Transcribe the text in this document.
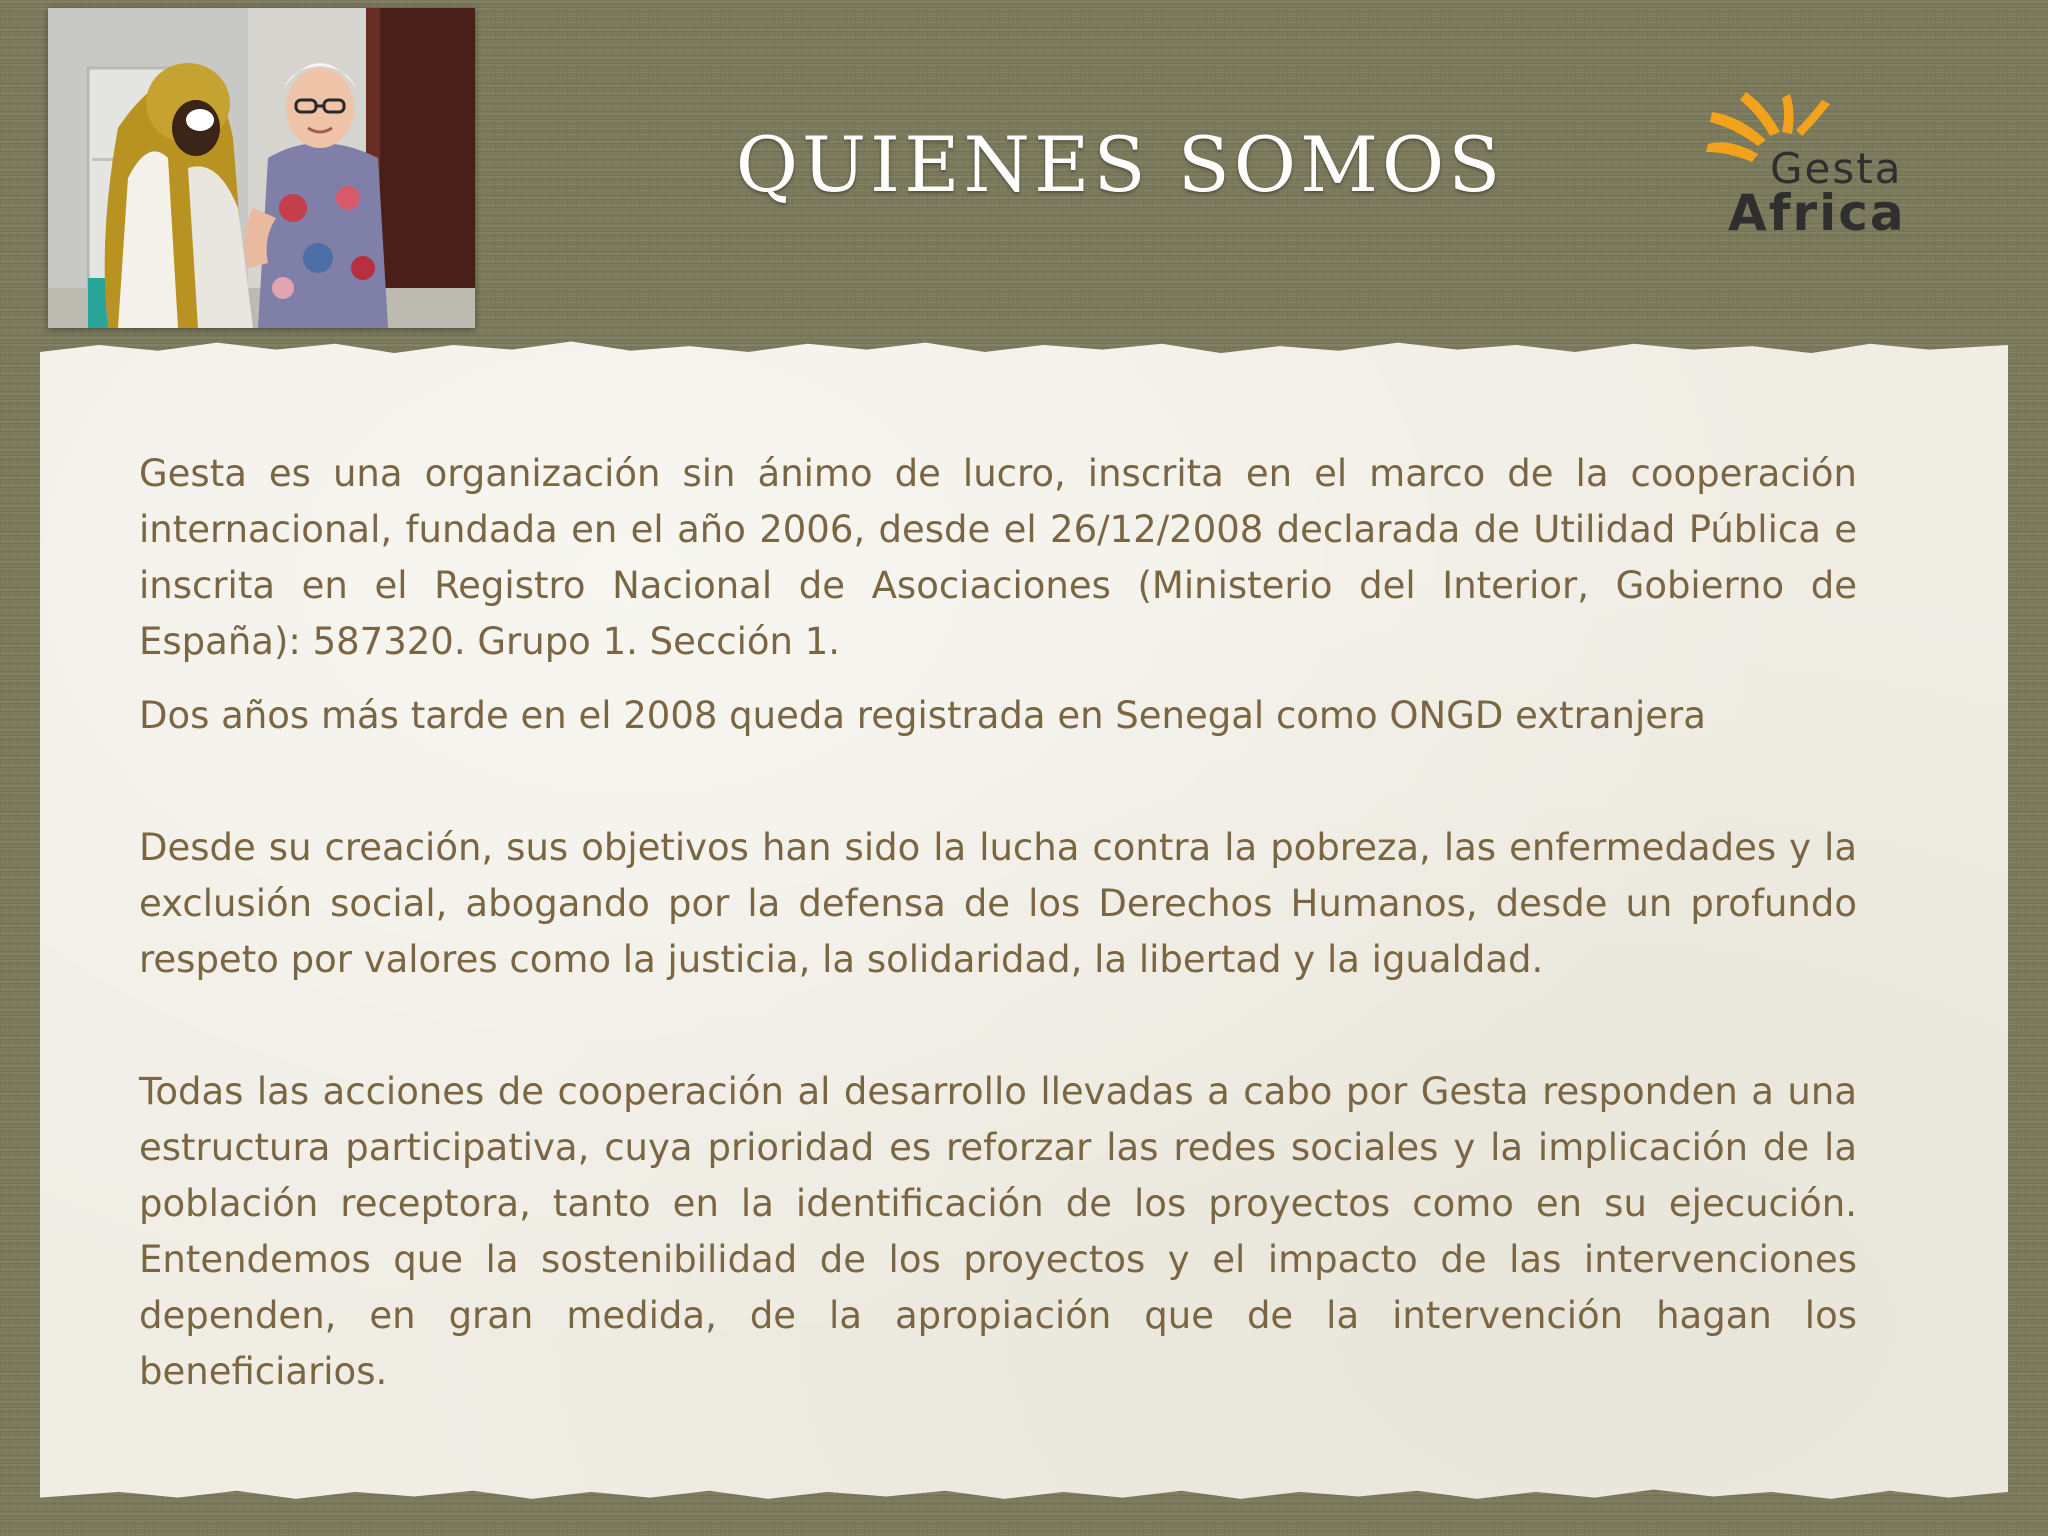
QUIENES SOMOS	Gesta
Africa

Gesta es una organización sin ánimo de lucro, inscrita en el marco de la cooperación internacional, fundada en el año 2006, desde el 26/12/2008 declarada de Utilidad Pública e inscrita en el Registro Nacional de Asociaciones (Ministerio del Interior, Gobierno de España): 587320. Grupo 1. Sección 1.

Dos años más tarde en el 2008 queda registrada en Senegal como ONGD extranjera

Desde su creación, sus objetivos han sido la lucha contra la pobreza, las enfermedades y la exclusión social, abogando por la defensa de los Derechos Humanos, desde un profundo respeto por valores como la justicia, la solidaridad, la libertad y la igualdad.

Todas las acciones de cooperación al desarrollo llevadas a cabo por Gesta responden a una estructura participativa, cuya prioridad es reforzar las redes sociales y la implicación de la población receptora, tanto en la identificación de los proyectos como en su ejecución. Entendemos que la sostenibilidad de los proyectos y el impacto de las intervenciones dependen, en gran medida, de la apropiación que de la intervención hagan los beneficiarios.
